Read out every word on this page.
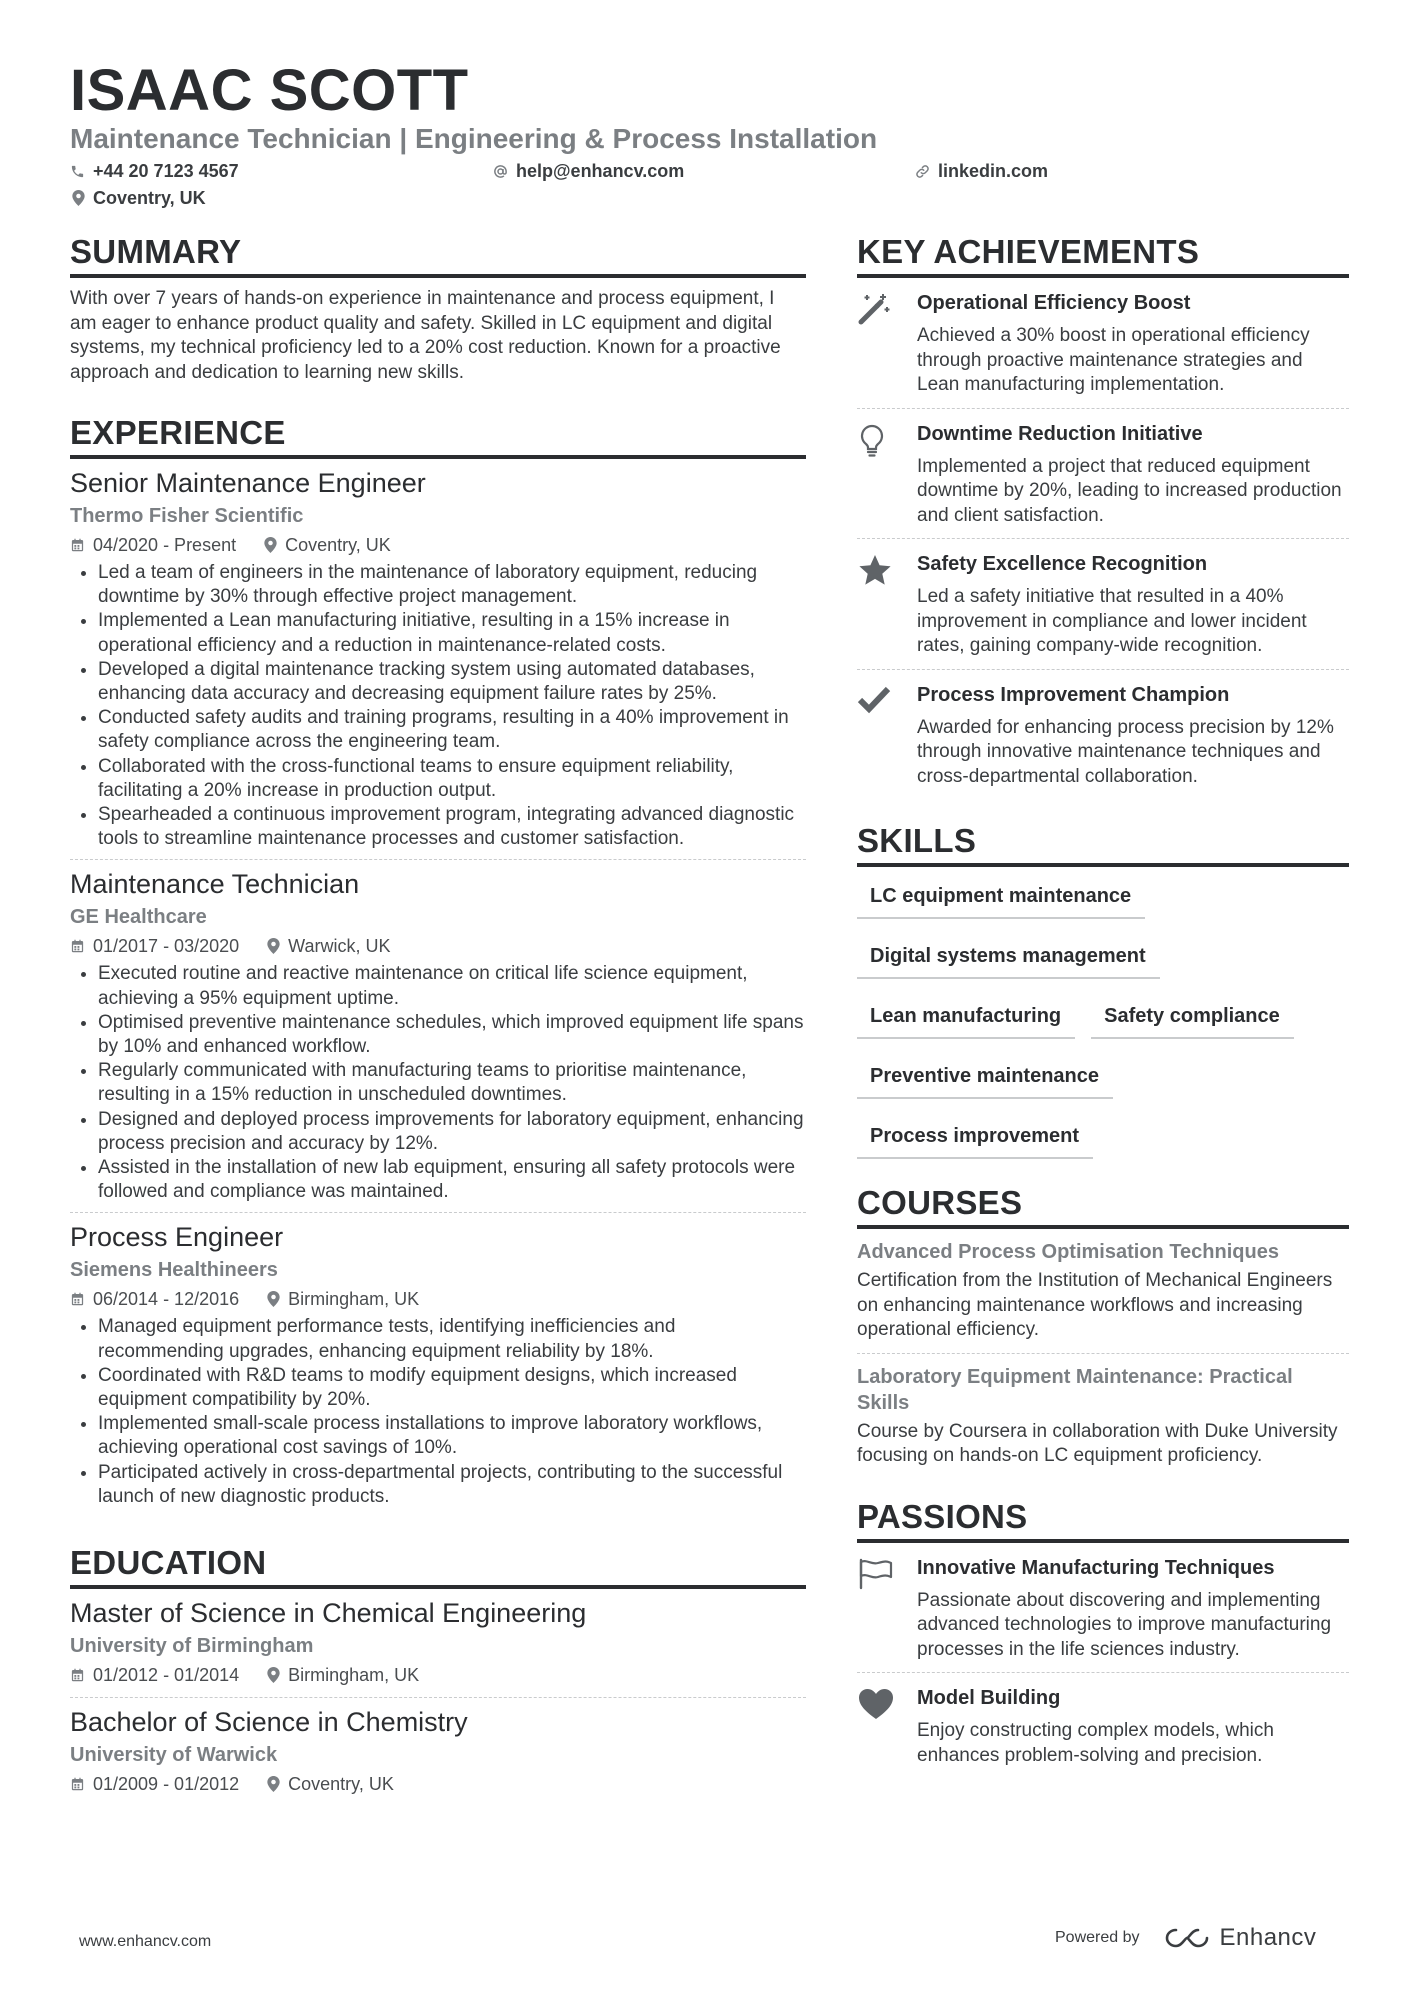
ISAAC SCOTT

Maintenance Technician | Engineering & Process Installation

+44 20 7123 4567	help@enhancv.com	linkedin.com
Coventry, UK
SUMMARY

With over 7 years of hands-on experience in maintenance and process equipment, I am eager to enhance product quality and safety. Skilled in LC equipment and digital systems, my technical proficiency led to a 20% cost reduction. Known for a proactive approach and dedication to learning new skills.

EXPERIENCE

Senior Maintenance Engineer

Thermo Fisher Scientific

04/2020 - Present	Coventry, UK
• Led a team of engineers in the maintenance of laboratory equipment, reducing downtime by 30% through effective project management.
• Implemented a Lean manufacturing initiative, resulting in a 15% increase in operational efficiency and a reduction in maintenance-related costs.
• Developed a digital maintenance tracking system using automated databases, enhancing data accuracy and decreasing equipment failure rates by 25%.
• Conducted safety audits and training programs, resulting in a 40% improvement in safety compliance across the engineering team.
• Collaborated with the cross-functional teams to ensure equipment reliability, facilitating a 20% increase in production output.
• Spearheaded a continuous improvement program, integrating advanced diagnostic tools to streamline maintenance processes and customer satisfaction.

Maintenance Technician

GE Healthcare

01/2017 - 03/2020	Warwick, UK
• Executed routine and reactive maintenance on critical life science equipment, achieving a 95% equipment uptime.
• Optimised preventive maintenance schedules, which improved equipment life spans by 10% and enhanced workflow.
• Regularly communicated with manufacturing teams to prioritise maintenance, resulting in a 15% reduction in unscheduled downtimes.
• Designed and deployed process improvements for laboratory equipment, enhancing process precision and accuracy by 12%.
• Assisted in the installation of new lab equipment, ensuring all safety protocols were followed and compliance was maintained.

Process Engineer

Siemens Healthineers

06/2014 - 12/2016	Birmingham, UK
• Managed equipment performance tests, identifying inefficiencies and recommending upgrades, enhancing equipment reliability by 18%.
• Coordinated with R&D teams to modify equipment designs, which increased equipment compatibility by 20%.
• Implemented small-scale process installations to improve laboratory workflows, achieving operational cost savings of 10%.
• Participated actively in cross-departmental projects, contributing to the successful launch of new diagnostic products.
EDUCATION

Master of Science in Chemical Engineering

University of Birmingham

01/2012 - 01/2014	Birmingham, UK

Bachelor of Science in Chemistry

University of Warwick

01/2009 - 01/2012	Coventry, UK
KEY ACHIEVEMENTS

Operational Efficiency Boost

Achieved a 30% boost in operational efficiency through proactive maintenance strategies and Lean manufacturing implementation.

Downtime Reduction Initiative

Implemented a project that reduced equipment downtime by 20%, leading to increased production and client satisfaction.

Safety Excellence Recognition

Led a safety initiative that resulted in a 40% improvement in compliance and lower incident rates, gaining company-wide recognition.

Process Improvement Champion

Awarded for enhancing process precision by 12% through innovative maintenance techniques and cross-departmental collaboration.

SKILLS
LC equipment maintenance
Digital systems management
Lean manufacturing	Safety compliance
Preventive maintenance
Process improvement
COURSES

Advanced Process Optimisation Techniques

Certification from the Institution of Mechanical Engineers on enhancing maintenance workflows and increasing operational efficiency.

Laboratory Equipment Maintenance: Practical Skills

Course by Coursera in collaboration with Duke University focusing on hands-on LC equipment proficiency.

PASSIONS

Innovative Manufacturing Techniques

Passionate about discovering and implementing advanced technologies to improve manufacturing processes in the life sciences industry.

Model Building

Enjoy constructing complex models, which enhances problem-solving and precision.

www.enhancv.com	Powered by	Enhancv
